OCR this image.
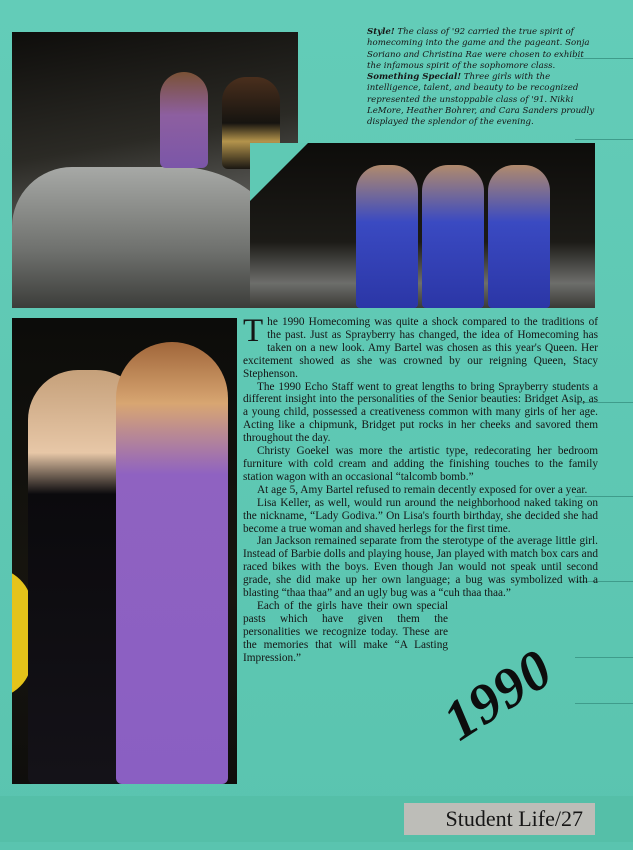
Style! The class of '92 carried the true spirit of homecoming into the game and the pageant. Sonja Soriano and Christina Rae were chosen to exhibit the infamous spirit of the sophomore class.
Something Special! Three girls with the intelligence, talent, and beauty to be recognized represented the unstoppable class of '91. Nikki LeMore, Heather Bohrer, and Cara Sanders proudly displayed the splendor of the evening.

The 1990 Homecoming was quite a shock compared to the traditions of the past. Just as Sprayberry has changed, the idea of Homecoming has taken on a new look. Amy Bartel was chosen as this year's Queen. Her excitement showed as she was crowned by our reigning Queen, Stacy Stephenson.

The 1990 Echo Staff went to great lengths to bring Sprayberry students a different insight into the personalities of the Senior beauties: Bridget Asip, as a young child, possessed a creativeness common with many girls of her age. Acting like a chipmunk, Bridget put rocks in her cheeks and savored them throughout the day.

Christy Goekel was more the artistic type, redecorating her bedroom furniture with cold cream and adding the finishing touches to the family station wagon with an occasional “talcomb bomb.”

At age 5, Amy Bartel refused to remain decently exposed for over a year.

Lisa Keller, as well, would run around the neighborhood naked taking on the nickname, “Lady Godiva.” On Lisa's fourth birthday, she decided she had become a true woman and shaved herlegs for the first time.

Jan Jackson remained separate from the sterotype of the average little girl. Instead of Barbie dolls and playing house, Jan played with match box cars and raced bikes with the boys. Even though Jan would not speak until second grade, she did make up her own language; a bug was symbolized with a blasting “thaa thaa” and an ugly bug was a “cuh thaa thaa.”

Each of the girls have their own special pasts which have given them the personalities we recognize today. These are the memories that will make “A Lasting Impression.”	1990
Student Life/27
